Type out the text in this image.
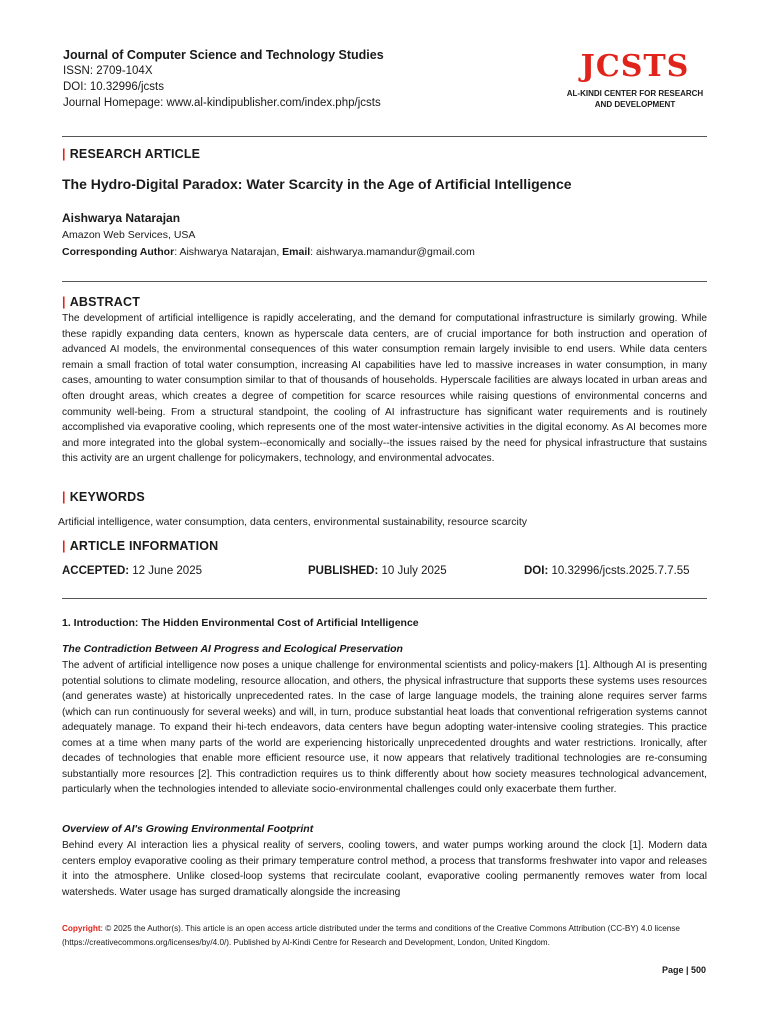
Journal of Computer Science and Technology Studies
ISSN: 2709-104X
DOI: 10.32996/jcsts
Journal Homepage: www.al-kindipublisher.com/index.php/jcsts
JCSTS
AL-KINDI CENTER FOR RESEARCH
AND DEVELOPMENT
| RESEARCH ARTICLE
The Hydro-Digital Paradox: Water Scarcity in the Age of Artificial Intelligence
Aishwarya Natarajan
Amazon Web Services, USA
Corresponding Author: Aishwarya Natarajan, Email: aishwarya.mamandur@gmail.com
| ABSTRACT
The development of artificial intelligence is rapidly accelerating, and the demand for computational infrastructure is similarly growing. While these rapidly expanding data centers, known as hyperscale data centers, are of crucial importance for both instruction and operation of advanced AI models, the environmental consequences of this water consumption remain largely invisible to end users. While data centers remain a small fraction of total water consumption, increasing AI capabilities have led to massive increases in water consumption, in many cases, amounting to water consumption similar to that of thousands of households. Hyperscale facilities are always located in urban areas and often drought areas, which creates a degree of competition for scarce resources while raising questions of environmental concerns and community well-being. From a structural standpoint, the cooling of AI infrastructure has significant water requirements and is routinely accomplished via evaporative cooling, which represents one of the most water-intensive activities in the digital economy. As AI becomes more and more integrated into the global system--economically and socially--the issues raised by the need for physical infrastructure that sustains this activity are an urgent challenge for policymakers, technology, and environmental advocates.
| KEYWORDS
Artificial intelligence, water consumption, data centers, environmental sustainability, resource scarcity
| ARTICLE INFORMATION
ACCEPTED: 12 June 2025	PUBLISHED: 10 July 2025	DOI: 10.32996/jcsts.2025.7.7.55
1. Introduction: The Hidden Environmental Cost of Artificial Intelligence
The Contradiction Between AI Progress and Ecological Preservation
The advent of artificial intelligence now poses a unique challenge for environmental scientists and policy-makers [1]. Although AI is presenting potential solutions to climate modeling, resource allocation, and others, the physical infrastructure that supports these systems uses resources (and generates waste) at historically unprecedented rates. In the case of large language models, the training alone requires server farms (which can run continuously for several weeks) and will, in turn, produce substantial heat loads that conventional refrigeration systems cannot adequately manage. To expand their hi-tech endeavors, data centers have begun adopting water-intensive cooling strategies. This practice comes at a time when many parts of the world are experiencing historically unprecedented droughts and water restrictions. Ironically, after decades of technologies that enable more efficient resource use, it now appears that relatively traditional technologies are re-consuming substantially more resources [2]. This contradiction requires us to think differently about how society measures technological advancement, particularly when the technologies intended to alleviate socio-environmental challenges could only exacerbate them further.
Overview of AI's Growing Environmental Footprint
Behind every AI interaction lies a physical reality of servers, cooling towers, and water pumps working around the clock [1]. Modern data centers employ evaporative cooling as their primary temperature control method, a process that transforms freshwater into vapor and releases it into the atmosphere. Unlike closed-loop systems that recirculate coolant, evaporative cooling permanently removes water from local watersheds. Water usage has surged dramatically alongside the increasing
Copyright: © 2025 the Author(s). This article is an open access article distributed under the terms and conditions of the Creative Commons Attribution (CC-BY) 4.0 license (https://creativecommons.org/licenses/by/4.0/). Published by Al-Kindi Centre for Research and Development, London, United Kingdom.
Page | 500
